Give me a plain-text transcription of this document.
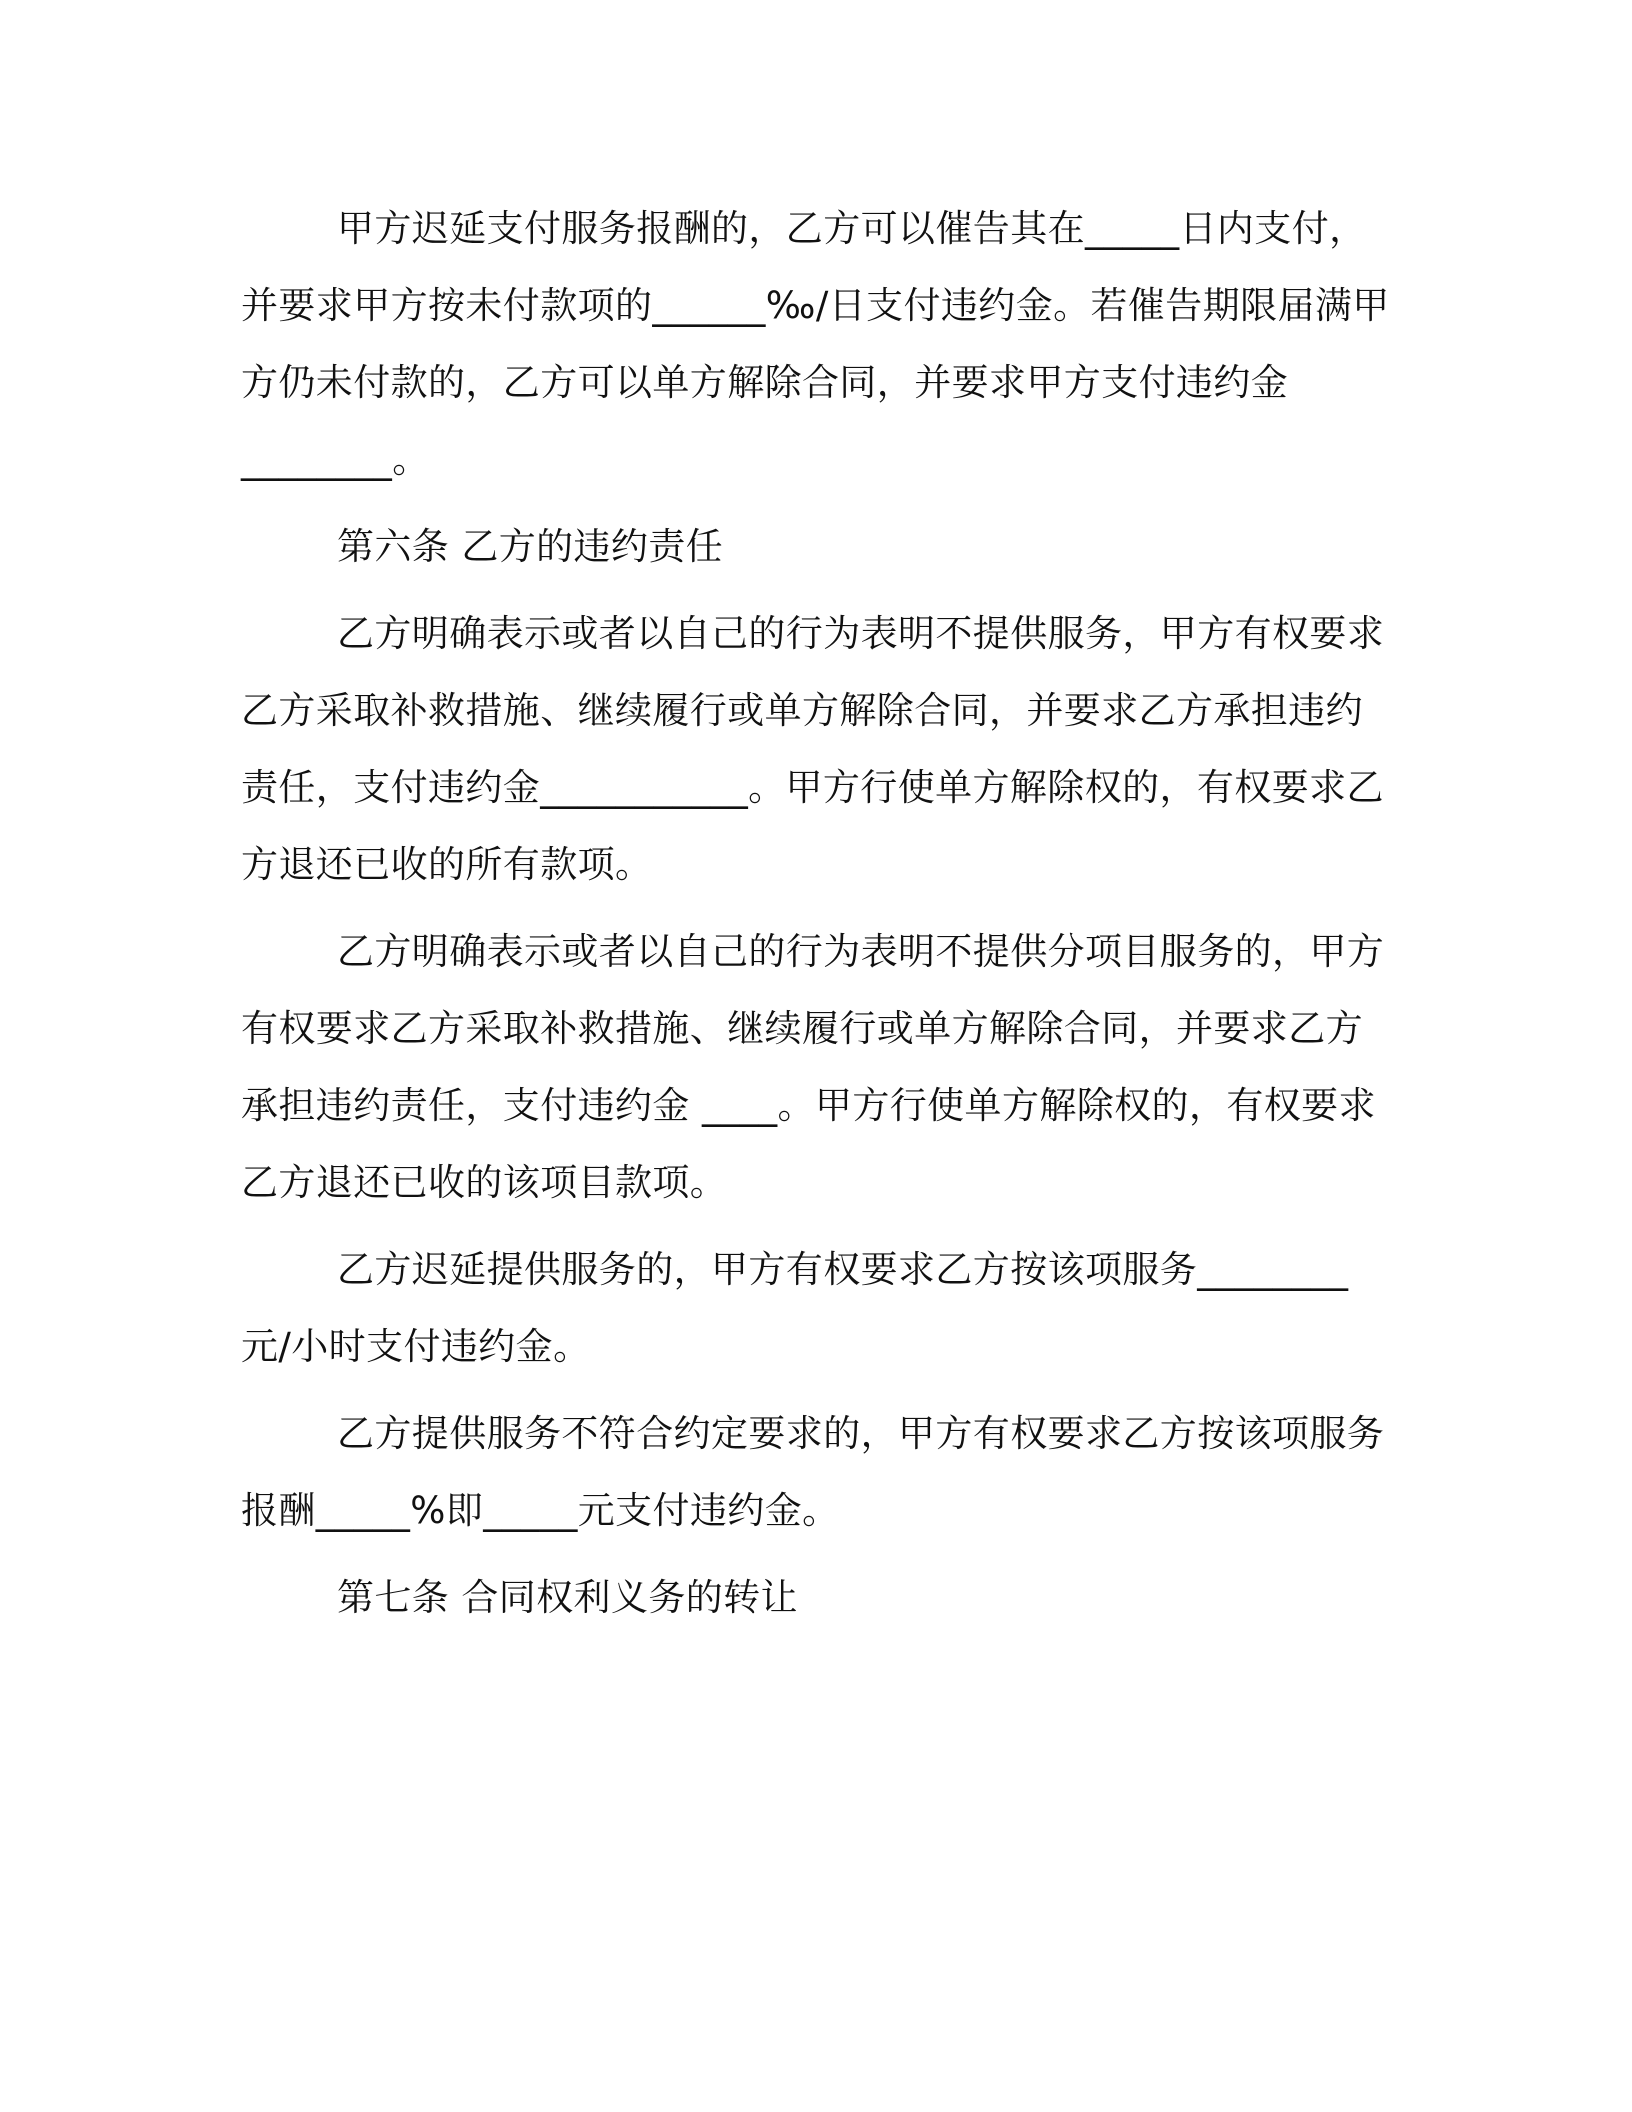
甲方迟延支付服务报酬的，乙方可以催告其在_____日内支付，并要求甲方按未付款项的______‰/日支付违约金。若催告期限届满甲方仍未付款的，乙方可以单方解除合同，并要求甲方支付违约金

________。

第六条 乙方的违约责任

乙方明确表示或者以自己的行为表明不提供服务，甲方有权要求乙方采取补救措施、继续履行或单方解除合同，并要求乙方承担违约责任，支付违约金___________。甲方行使单方解除权的，有权要求乙方退还已收的所有款项。

乙方明确表示或者以自己的行为表明不提供分项目服务的，甲方有权要求乙方采取补救措施、继续履行或单方解除合同，并要求乙方承担违约责任，支付违约金 ____。甲方行使单方解除权的，有权要求乙方退还已收的该项目款项。

乙方迟延提供服务的，甲方有权要求乙方按该项服务________元/小时支付违约金。

乙方提供服务不符合约定要求的，甲方有权要求乙方按该项服务报酬_____%即_____元支付违约金。

第七条 合同权利义务的转让
